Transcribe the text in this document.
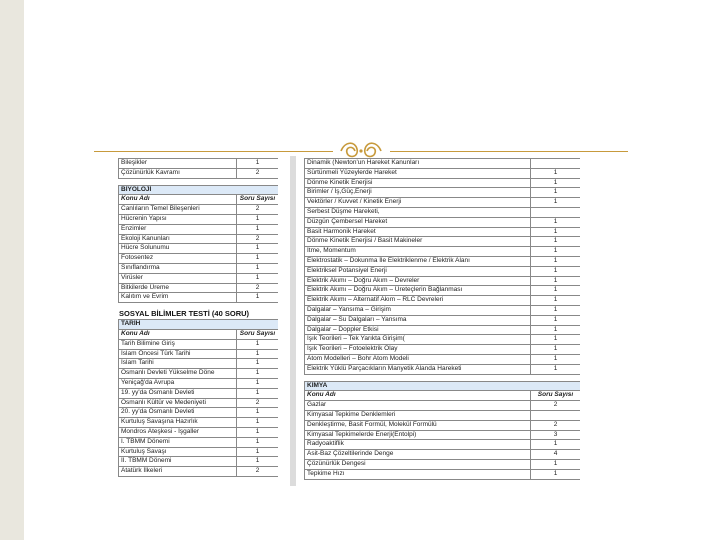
Bileşikler	1
Çözünürlük Kavramı	2
BİYOLOJİ	
Konu Adı	Soru Sayısı
Canlıların Temel Bileşenleri	2
Hücrenin Yapısı	1
Enzimler	1
Ekoloji Kanunları	2
Hücre Solunumu	1
Fotosentez	1
Sınıflandırma	1
Virüsler	1
Bitkilerde Üreme	2
Kalıtım ve Evrim	1
SOSYAL BİLİMLER TESTİ (40 SORU)
TARİH	
Konu Adı	Soru Sayısı
Tarih Bilimine Giriş	1
İslam Öncesi Türk Tarihi	1
İslam Tarihi	1
Osmanlı Devleti Yükselme Döne	1
Yeniçağ'da Avrupa	1
19. yy'da Osmanlı Devleti	1
Osmanlı Kültür ve Medeniyeti	2
20. yy'da Osmanlı Devleti	1
Kurtuluş Savaşına Hazırlık	1
Mondros Ateşkesi - İşgaller	1
I. TBMM Dönemi	1
Kurtuluş Savaşı	1
II. TBMM Dönemi	1
Atatürk İlkeleri	2
Dinamik (Newton'un Hareket Kanunları	
Sürtünmeli Yüzeylerde Hareket	1
Dönme Kinetik Enerjisi	1
Birimler / İş,Güç,Enerji	1
Vektörler / Kuvvet / Kinetik Enerji	1
Serbest Düşme Hareketi,	
Düzgün Çembersel Hareket	1
Basit Harmonik Hareket	1
Dönme Kinetik Enerjisi / Basit Makineler	1
İtme, Momentum	1
Elektrostatik – Dokunma İle Elektriklenme / Elektrik Alanı	1
Elektriksel Potansiyel Enerji	1
Elektrik Akımı – Doğru Akım – Devreler	1
Elektrik Akımı – Doğru Akım – Üreteçlerin Bağlanması	1
Elektrik Akımı – Alternatif Akım – RLC Devreleri	1
Dalgalar – Yansıma – Girişim	1
Dalgalar – Su Dalgaları – Yansıma	1
Dalgalar – Doppler Etkisi	1
Işık Teorileri – Tek Yarıkta Girişim(	1
Işık Teorileri – Fotoelektrik Olay	1
Atom Modelleri – Bohr Atom Modeli	1
Elektrik Yüklü Parçacıkların Manyetik Alanda Hareketi	1
KİMYA	
Konu Adı	Soru Sayısı
Gazlar	2
Kimyasal Tepkime Denklemleri	
Denkleştirme, Basit Formül, Molekül Formülü	2
Kimyasal Tepkimelerde Enerji(Entolpi)	3
Radyoaktiflik	1
Asit-Baz Çözeltilerinde Denge	4
Çözünürlük Dengesi	1
Tepkime Hızı	1
